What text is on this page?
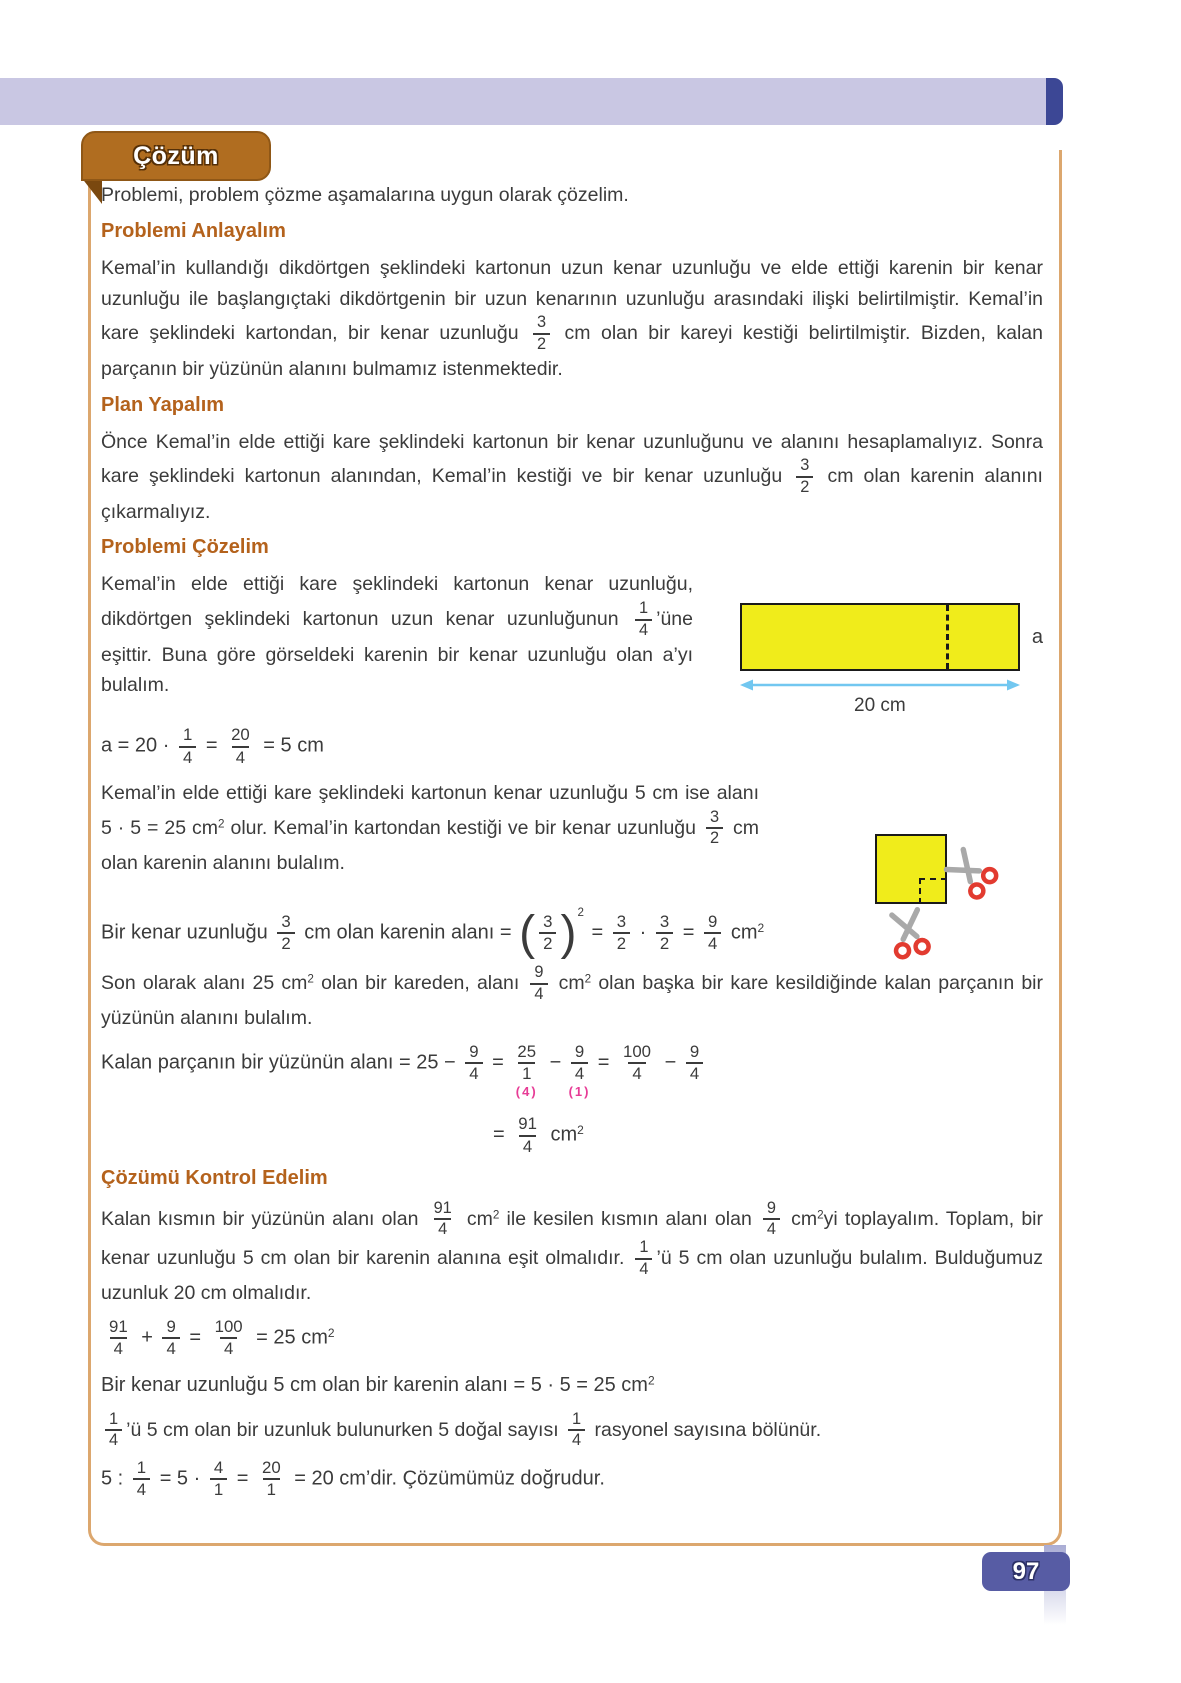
Çözüm
Problemi, problem çözme aşamalarına uygun olarak çözelim.
Problemi Anlayalım
Kemal’in kullandığı dikdörtgen şeklindeki kartonun uzun kenar uzunluğu ve elde ettiği karenin bir kenar uzunluğu ile başlangıçtaki dikdörtgenin bir uzun kenarının uzunluğu arasındaki ilişki belirtilmiştir. Kemal’in kare şeklindeki kartondan, bir kenar uzunluğu $\frac{3}{2}$ cm olan bir kareyi kestiği belirtilmiştir. Bizden, kalan parçanın bir yüzünün alanını bulmamız istenmektedir.
Plan Yapalım
Önce Kemal’in elde ettiği kare şeklindeki kartonun bir kenar uzunluğunu ve alanını hesaplamalıyız. Sonra kare şeklindeki kartonun alanından, Kemal’in kestiği ve bir kenar uzunluğu $\frac{3}{2}$ cm olan karenin alanını çıkarmalıyız.
Problemi Çözelim
Kemal’in elde ettiği kare şeklindeki kartonun kenar uzunluğu, dikdörtgen şeklindeki kartonun uzun kenar uzunluğunun $\frac{1}{4}$ ’üne eşittir. Buna göre görseldeki karenin bir kenar uzunluğu olan a’yı bulalım.
a
20 cm
$a = 20 \cdot \frac{1}{4} = \frac{20}{4} = 5$ cm
Kemal’in elde ettiği kare şeklindeki kartonun kenar uzunluğu 5 cm ise alanı 5 · 5 = 25 $cm^2$ olur. Kemal’in kartondan kestiği ve bir kenar uzunluğu $\frac{3}{2}$ cm olan karenin alanını bulalım.
Bir kenar uzunluğu $\frac{3}{2}$ cm olan karenin alanı = ( $\frac{3}{2} )^2$
= $\frac{3}{2} \cdot \frac{3}{2} = \frac{9}{4} cm^2$
Son olarak alanı 25 $cm^2$ olan bir kareden, alanı $\frac{9}{4} cm^2$ olan başka bir kare kesildiğinde kalan parçanın bir yüzünün alanını bulalım.
Kalan parçanın bir yüzünün alanı = $25 - \frac{9}{4} = 25$
1
(4)
− 9
4
(1)
= $\frac{100}{4} - \frac{9}{4}$
= $\frac{91}{4} cm^2$
Çözümü Kontrol Edelim
Kalan kısmın bir yüzünün alanı olan $\frac{91}{4} cm^2$ ile kesilen kısmın alanı olan $\frac{9}{4} cm^2yi$ toplayalım. Toplam, bir kenar uzunluğu 5 cm olan bir karenin alanına eşit olmalıdır. $\frac{1}{4}$ ’ü 5 cm olan uzunluğu bulalım. Bulduğumuz uzunluk 20 cm olmalıdır.
$\frac{91}{4} + \frac{9}{4} = \frac{100}{4} = 25$ $cm^2$
Bir kenar uzunluğu 5 cm olan bir karenin alanı = 5 · 5 = 25 $cm^2$
$\frac{1}{4}$ ’ü 5 cm olan bir uzunluk bulunurken 5 doğal sayısı $\frac{1}{4}$ rasyonel sayısına bölünür.
5 : $\frac{1}{4} = 5 \cdot \frac{4}{1} = \frac{20}{1} = 20$ cm’dir. Çözümümüz doğrudur.
97
